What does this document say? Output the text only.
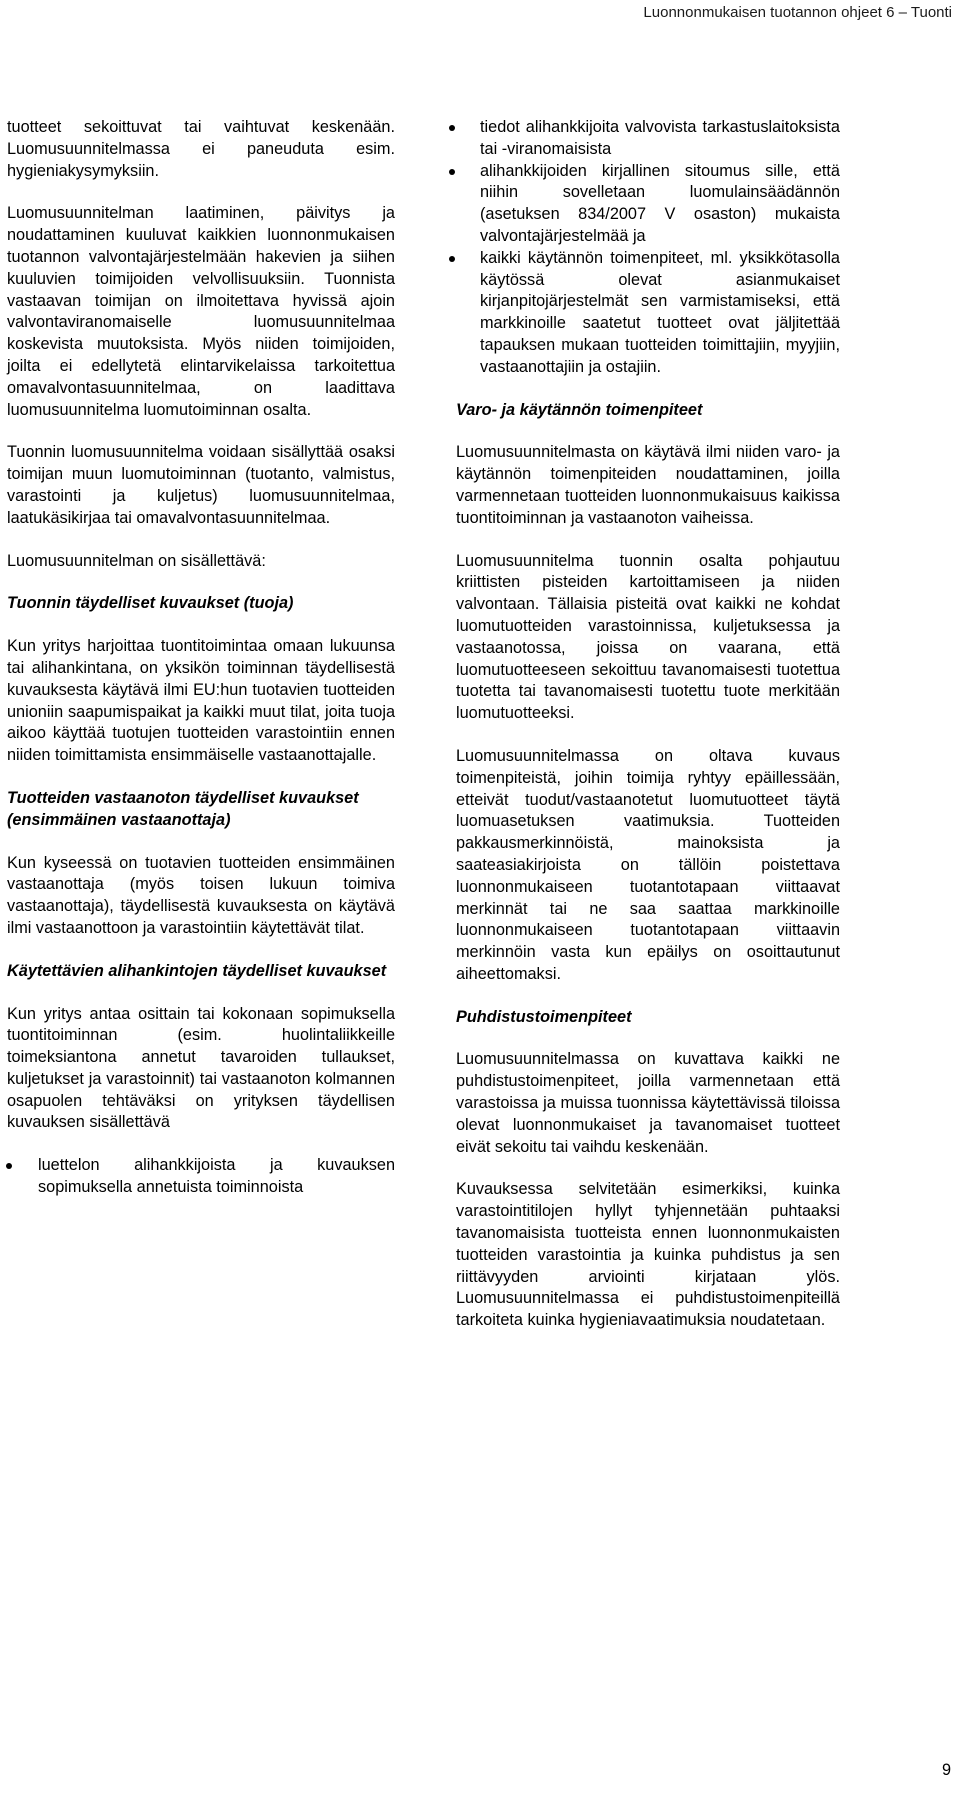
Luonnonmukaisen tuotannon ohjeet 6 – Tuonti

tuotteet sekoittuvat tai vaihtuvat keskenään. Luomusuunnitelmassa ei paneuduta esim. hygieniakysymyksiin.

Luomusuunnitelman laatiminen, päivitys ja noudattaminen kuuluvat kaikkien luonnonmukaisen tuotannon valvontajärjestelmään hakevien ja siihen kuuluvien toimijoiden velvollisuuksiin. Tuonnista vastaavan toimijan on ilmoitettava hyvissä ajoin valvontaviranomaiselle luomusuunnitelmaa koskevista muutoksista. Myös niiden toimijoiden, joilta ei edellytetä elintarvikelaissa tarkoitettua omavalvontasuunnitelmaa, on laadittava luomusuunnitelma luomutoiminnan osalta.

Tuonnin luomusuunnitelma voidaan sisällyttää osaksi toimijan muun luomutoiminnan (tuotanto, valmistus, varastointi ja kuljetus) luomusuunnitelmaa, laatukäsikirjaa tai omavalvontasuunnitelmaa.

Luomusuunnitelman on sisällettävä:

Tuonnin täydelliset kuvaukset (tuoja)

Kun yritys harjoittaa tuontitoimintaa omaan lukuunsa tai alihankintana, on yksikön toiminnan täydellisestä kuvauksesta käytävä ilmi EU:hun tuotavien tuotteiden unioniin saapumispaikat ja kaikki muut tilat, joita tuoja aikoo käyttää tuotujen tuotteiden varastointiin ennen niiden toimittamista ensimmäiselle vastaanottajalle.

Tuotteiden vastaanoton täydelliset kuvaukset (ensimmäinen vastaanottaja)

Kun kyseessä on tuotavien tuotteiden ensimmäinen vastaanottaja (myös toisen lukuun toimiva vastaanottaja), täydellisestä kuvauksesta on käytävä ilmi vastaanottoon ja varastointiin käytettävät tilat.

Käytettävien alihankintojen täydelliset kuvaukset

Kun yritys antaa osittain tai kokonaan sopimuksella tuontitoiminnan (esim. huolintaliikkeille toimeksiantona annetut tavaroiden tullaukset, kuljetukset ja varastoinnit) tai vastaanoton kolmannen osapuolen tehtäväksi on yrityksen täydellisen kuvauksen sisällettävä

luettelon alihankkijoista ja kuvauksen sopimuksella annetuista toiminnoista
tiedot alihankkijoita valvovista tarkastuslaitoksista tai -viranomaisista
alihankkijoiden kirjallinen sitoumus sille, että niihin sovelletaan luomulainsäädännön (asetuksen 834/2007 V osaston) mukaista valvontajärjestelmää ja
kaikki käytännön toimenpiteet, ml. yksikkötasolla käytössä olevat asianmukaiset kirjanpitojärjestelmät sen varmistamiseksi, että markkinoille saatetut tuotteet ovat jäljitettää tapauksen mukaan tuotteiden toimittajiin, myyjiin, vastaanottajiin ja ostajiin.
Varo- ja käytännön toimenpiteet

Luomusuunnitelmasta on käytävä ilmi niiden varo- ja käytännön toimenpiteiden noudattaminen, joilla varmennetaan tuotteiden luonnonmukaisuus kaikissa tuontitoiminnan ja vastaanoton vaiheissa.

Luomusuunnitelma tuonnin osalta pohjautuu kriittisten pisteiden kartoittamiseen ja niiden valvontaan. Tällaisia pisteitä ovat kaikki ne kohdat luomutuotteiden varastoinnissa, kuljetuksessa ja vastaanotossa, joissa on vaarana, että luomutuotteeseen sekoittuu tavanomaisesti tuotettua tuotetta tai tavanomaisesti tuotettu tuote merkitään luomutuotteeksi.

Luomusuunnitelmassa on oltava kuvaus toimenpiteistä, joihin toimija ryhtyy epäillessään, etteivät tuodut/vastaanotetut luomutuotteet täytä luomuasetuksen vaatimuksia. Tuotteiden pakkausmerkinnöistä, mainoksista ja saateasiakirjoista on tällöin poistettava luonnonmukaiseen tuotantotapaan viittaavat merkinnät tai ne saa saattaa markkinoille luonnonmukaiseen tuotantotapaan viittaavin merkinnöin vasta kun epäilys on osoittautunut aiheettomaksi.

Puhdistustoimenpiteet

Luomusuunnitelmassa on kuvattava kaikki ne puhdistustoimenpiteet, joilla varmennetaan että varastoissa ja muissa tuonnissa käytettävissä tiloissa olevat luonnonmukaiset ja tavanomaiset tuotteet eivät sekoitu tai vaihdu keskenään.

Kuvauksessa selvitetään esimerkiksi, kuinka varastointitilojen hyllyt tyhjennetään puhtaaksi tavanomaisista tuotteista ennen luonnonmukaisten tuotteiden varastointia ja kuinka puhdistus ja sen riittävyyden arviointi kirjataan ylös. Luomusuunnitelmassa ei puhdistustoimenpiteillä tarkoiteta kuinka hygieniavaatimuksia noudatetaan.

9
